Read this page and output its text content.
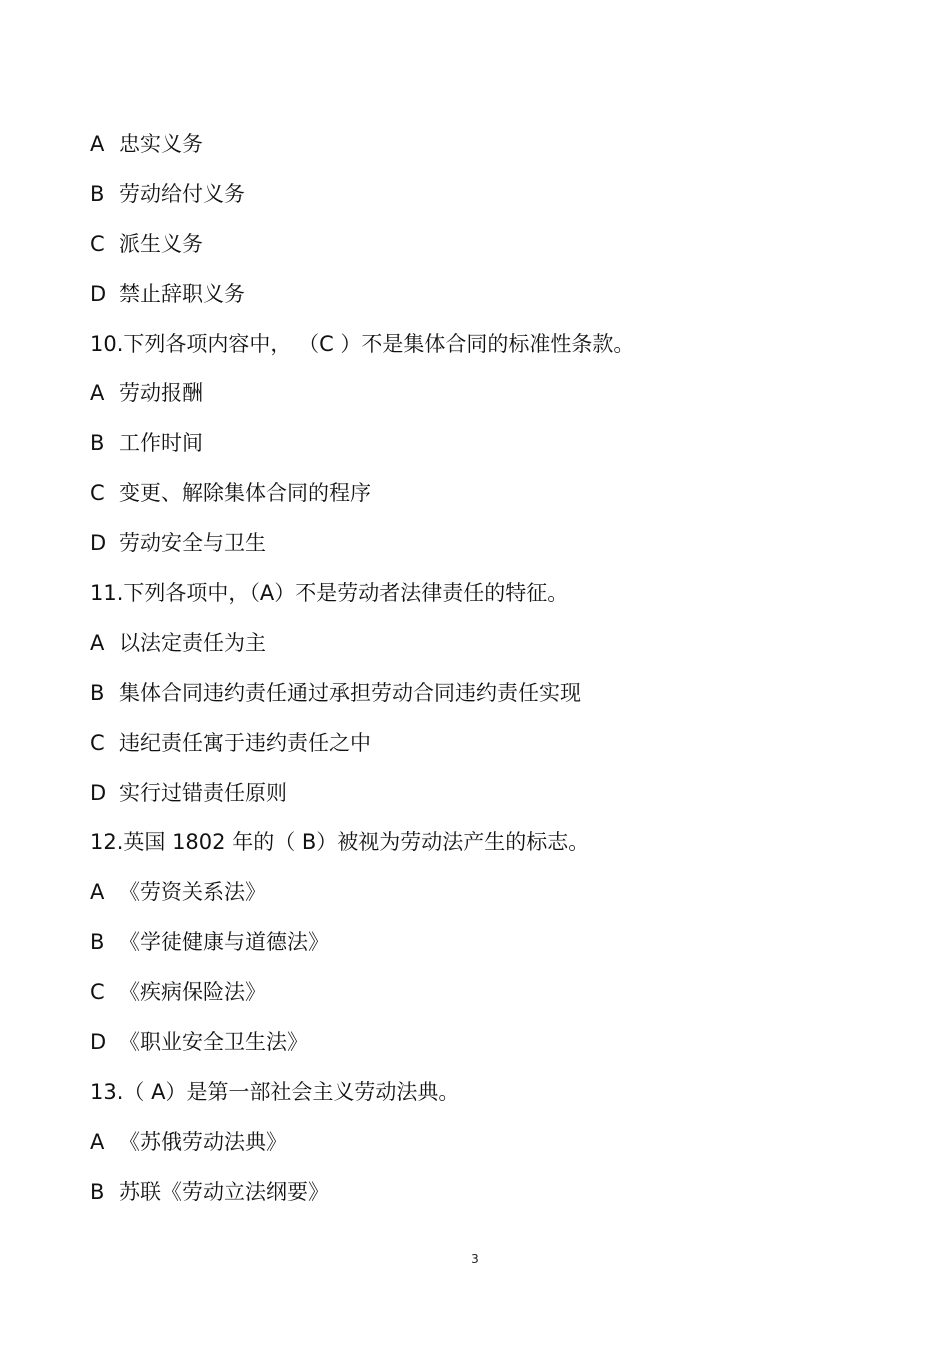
A 忠实义务
B 劳动给付义务
C 派生义务
D 禁止辞职义务
10.下列各项内容中， （C ）不是集体合同的标准性条款。
A 劳动报酬
B 工作时间
C 变更、解除集体合同的程序
D 劳动安全与卫生
11.下列各项中，（A）不是劳动者法律责任的特征。
A 以法定责任为主
B 集体合同违约责任通过承担劳动合同违约责任实现
C 违纪责任寓于违约责任之中
D 实行过错责任原则
12.英国 1802 年的（ B）被视为劳动法产生的标志。
A 《劳资关系法》
B 《学徒健康与道德法》
C 《疾病保险法》
D 《职业安全卫生法》
13.（ A）是第一部社会主义劳动法典。
A 《苏俄劳动法典》
B 苏联《劳动立法纲要》
3
